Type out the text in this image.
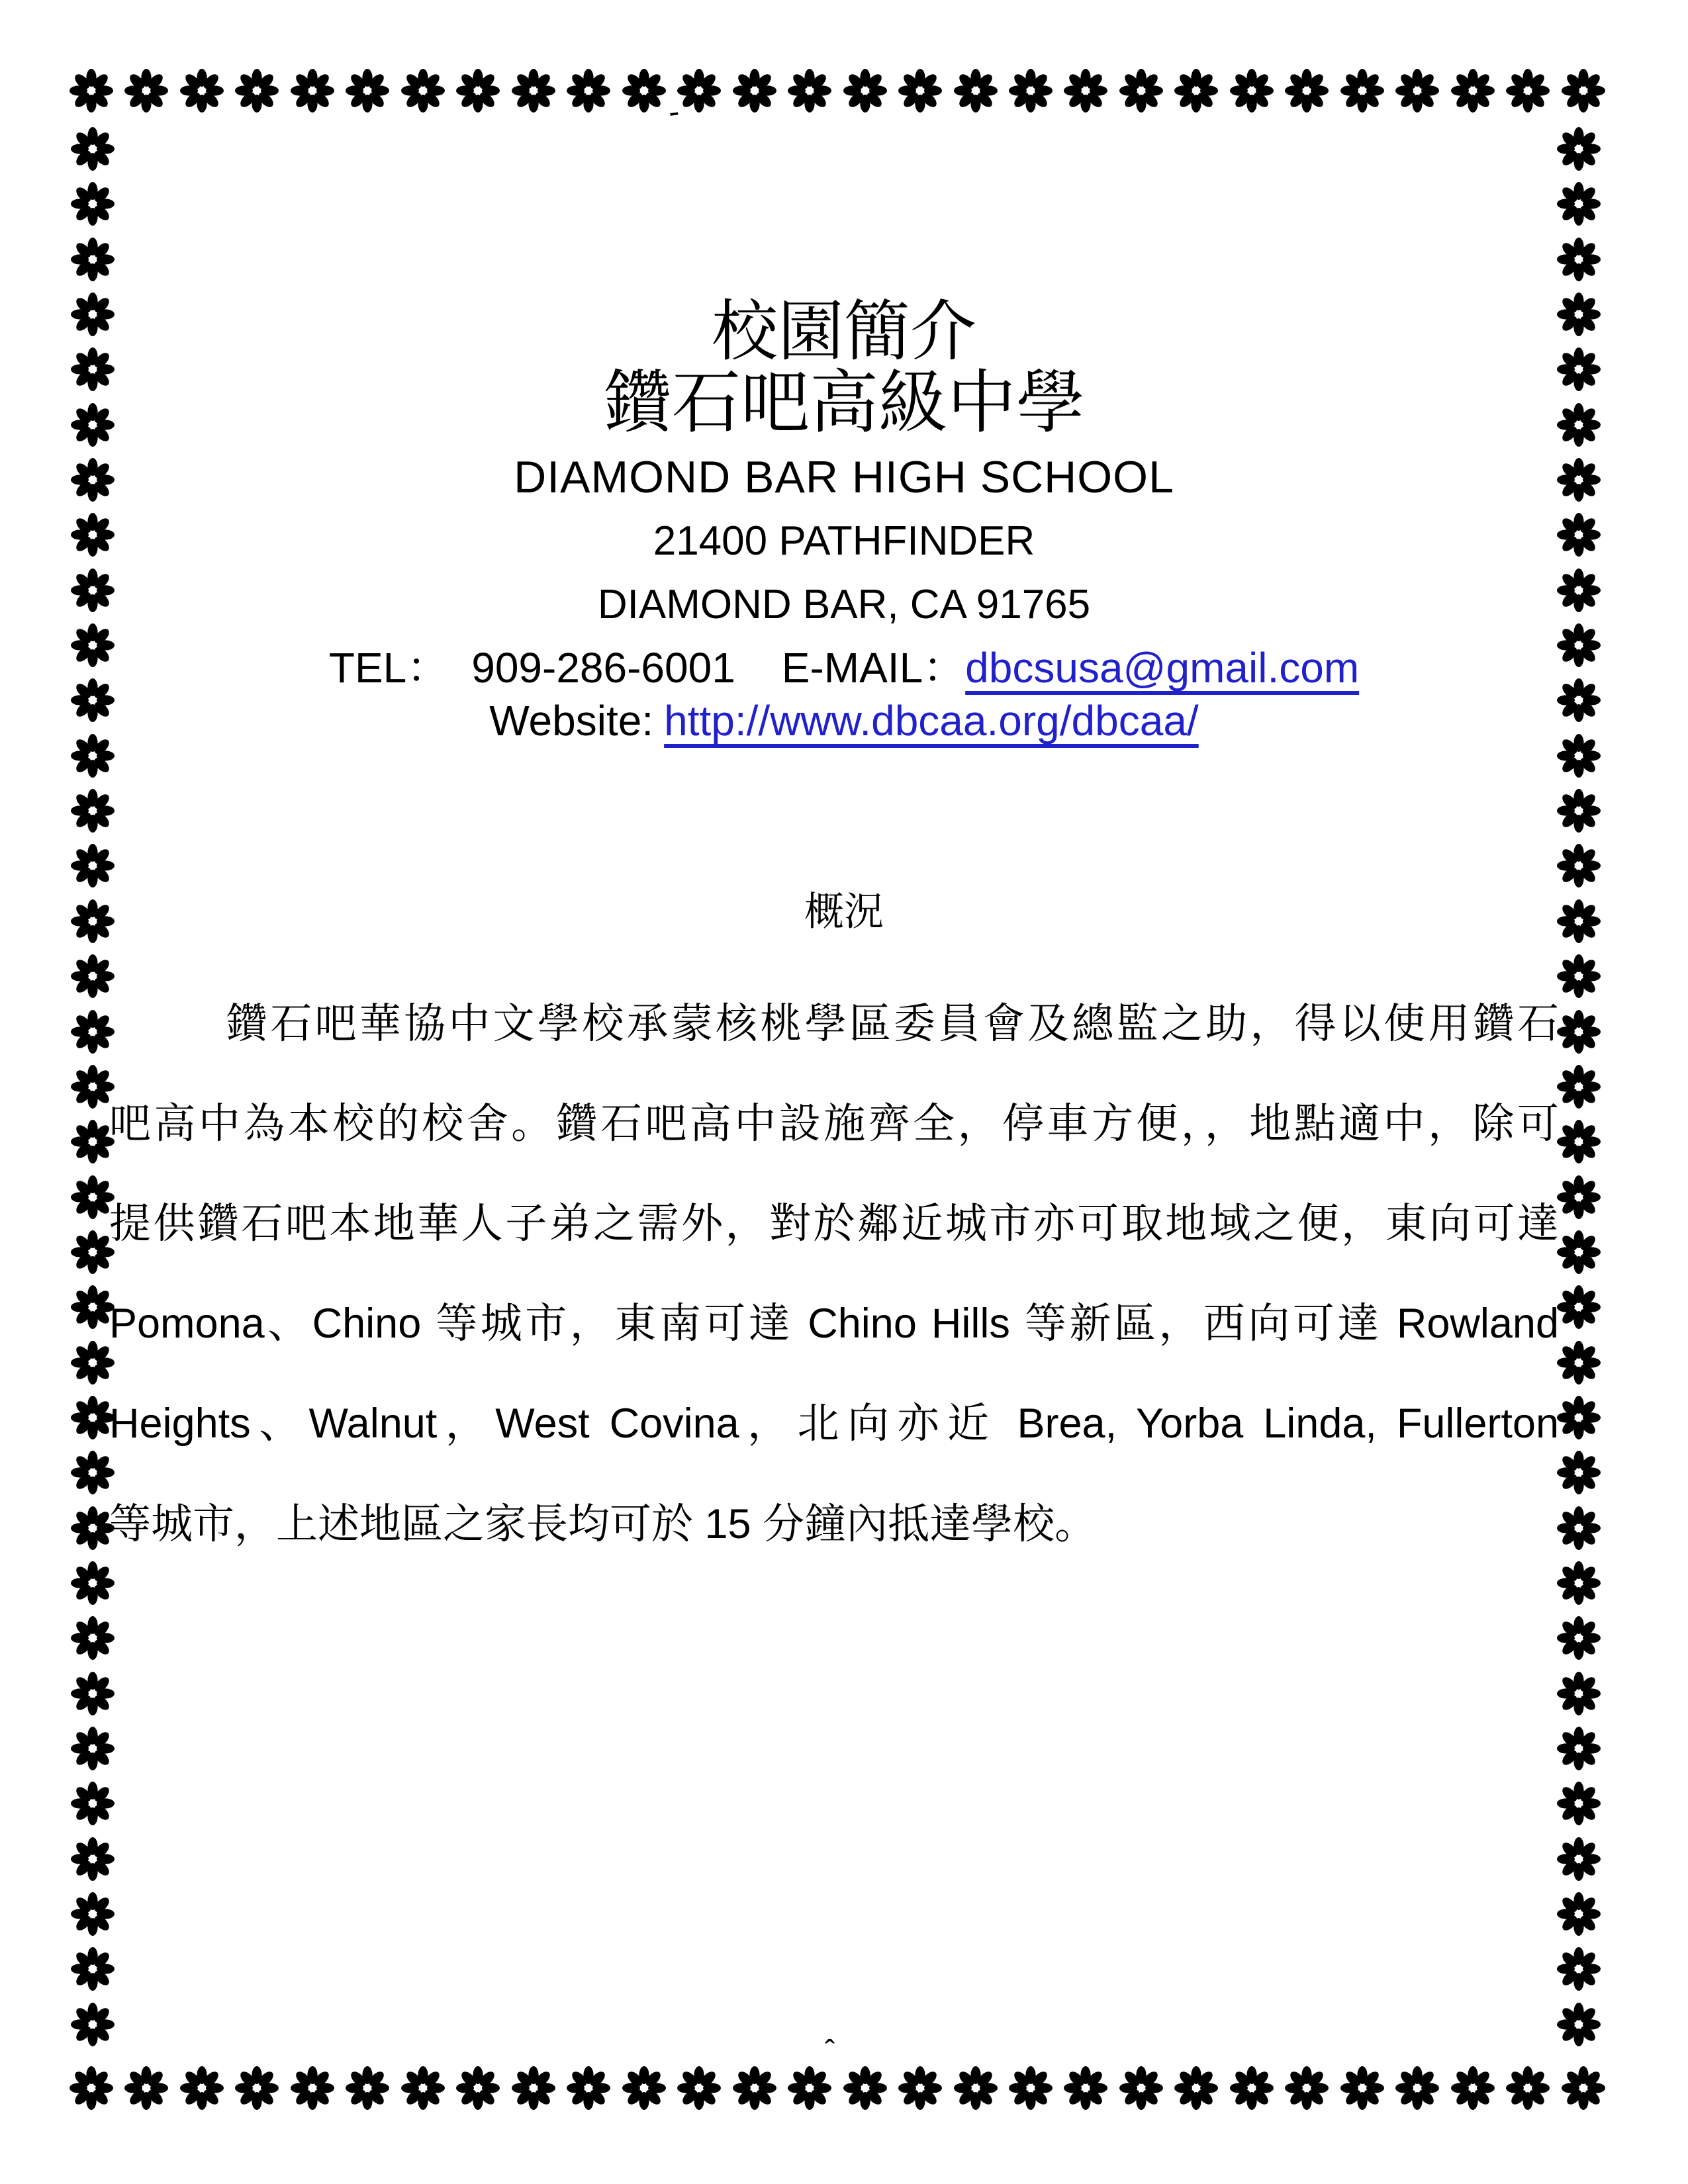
‐
ˆ
校園簡介
鑽石吧高級中學
DIAMOND BAR HIGH SCHOOL
21400 PATHFINDER
DIAMOND BAR, CA 91765
TEL： 909-286-6001 E-MAIL：dbcsusa@gmail.com
Website: http://www.dbcaa.org/dbcaa/
概況
鑽石吧華協中文學校承蒙核桃學區委員會及總監之助，得以使用鑽石
吧高中為本校的校舍。鑽石吧高中設施齊全，停車方便，，地點適中，除可
提供鑽石吧本地華人子弟之需外，對於鄰近城市亦可取地域之便，東向可達
Pomona、Chino 等城市，東南可達 Chino Hills 等新區，西向可達 Rowland
Heights、Walnut，West Covina，北向亦近 Brea, Yorba Linda, Fullerton
等城市，上述地區之家長均可於 15 分鐘內抵達學校。
